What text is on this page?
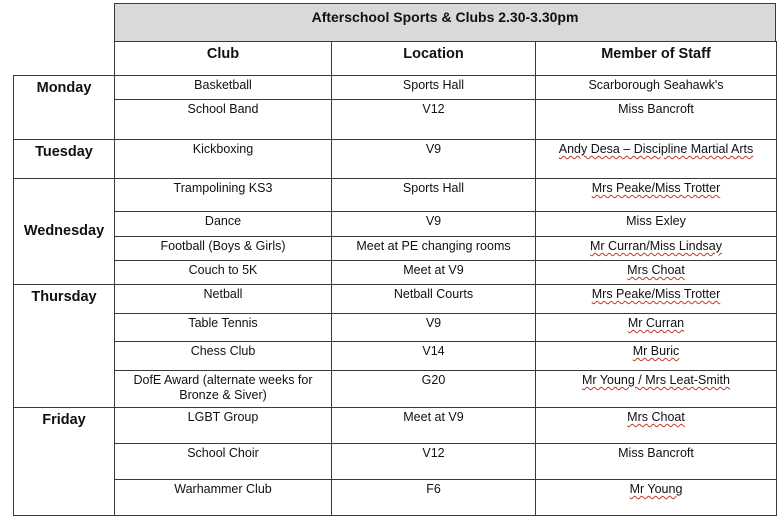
Afterschool Sports & Clubs 2.30-3.30pm
	Club	Location	Member of Staff
Monday	Basketball	Sports Hall	Scarborough Seahawk's
	School Band	V12	Miss Bancroft
Tuesday	Kickboxing	V9	Andy Desa – Discipline Martial Arts
Wednesday	Trampolining KS3	Sports Hall	Mrs Peake/Miss Trotter
	Dance	V9	Miss Exley
	Football (Boys & Girls)	Meet at PE changing rooms	Mr Curran/Miss Lindsay
	Couch to 5K	Meet at V9	Mrs Choat
Thursday	Netball	Netball Courts	Mrs Peake/Miss Trotter
	Table Tennis	V9	Mr Curran
	Chess Club	V14	Mr Buric
	DofE Award (alternate weeks for Bronze & Siver)	G20	Mr Young / Mrs Leat-Smith
Friday	LGBT Group	Meet at V9	Mrs Choat
	School Choir	V12	Miss Bancroft
	Warhammer Club	F6	Mr Young
